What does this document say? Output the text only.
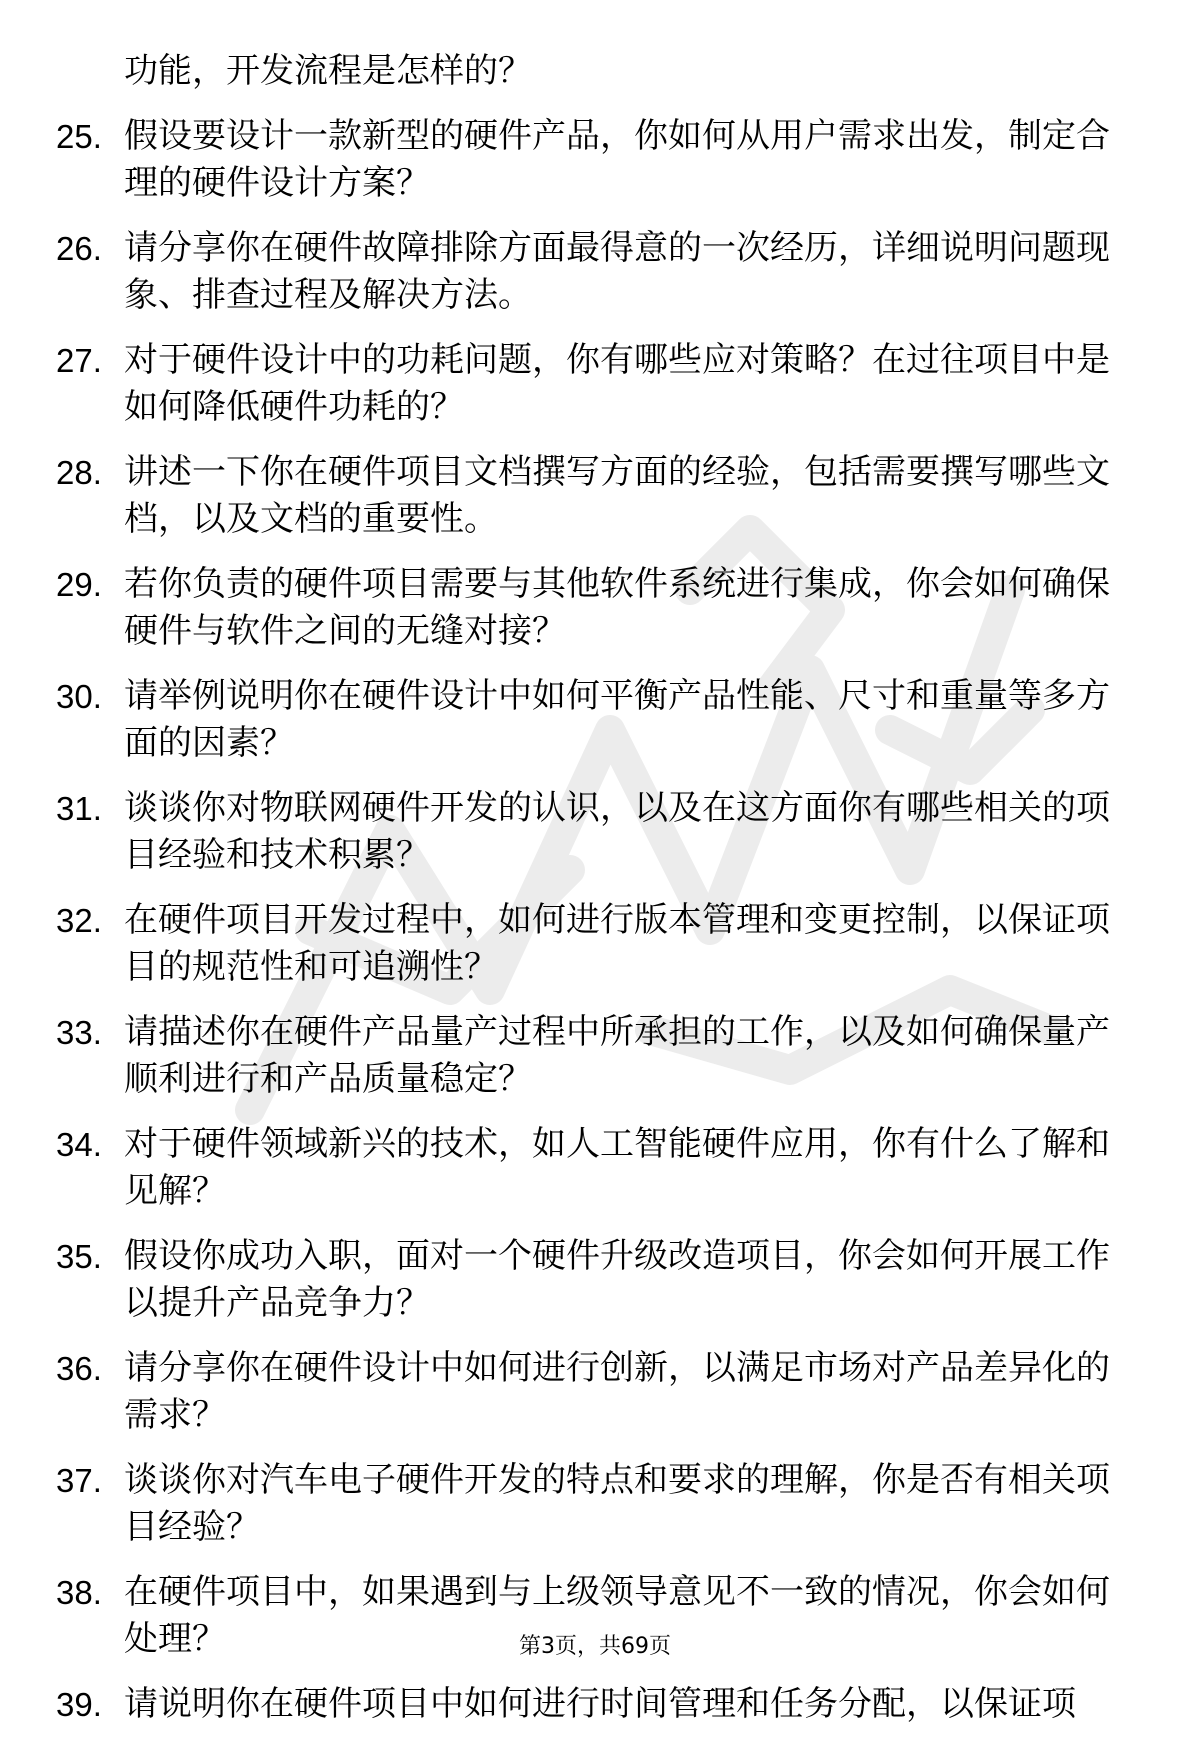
功能，开发流程是怎样的？
25. 假设要设计一款新型的硬件产品，你如何从用户需求出发，制定合理的硬件设计方案？
26. 请分享你在硬件故障排除方面最得意的一次经历，详细说明问题现象、排查过程及解决方法。
27. 对于硬件设计中的功耗问题，你有哪些应对策略？在过往项目中是如何降低硬件功耗的？
28. 讲述一下你在硬件项目文档撰写方面的经验，包括需要撰写哪些文档，以及文档的重要性。
29. 若你负责的硬件项目需要与其他软件系统进行集成，你会如何确保硬件与软件之间的无缝对接？
30. 请举例说明你在硬件设计中如何平衡产品性能、尺寸和重量等多方面的因素？
31. 谈谈你对物联网硬件开发的认识，以及在这方面你有哪些相关的项目经验和技术积累？
32. 在硬件项目开发过程中，如何进行版本管理和变更控制，以保证项目的规范性和可追溯性？
33. 请描述你在硬件产品量产过程中所承担的工作，以及如何确保量产顺利进行和产品质量稳定？
34. 对于硬件领域新兴的技术，如人工智能硬件应用，你有什么了解和见解？
35. 假设你成功入职，面对一个硬件升级改造项目，你会如何开展工作以提升产品竞争力？
36. 请分享你在硬件设计中如何进行创新，以满足市场对产品差异化的需求？
37. 谈谈你对汽车电子硬件开发的特点和要求的理解，你是否有相关项目经验？
38. 在硬件项目中，如果遇到与上级领导意见不一致的情况，你会如何处理？
39. 请说明你在硬件项目中如何进行时间管理和任务分配，以保证项
第3页，共69页
